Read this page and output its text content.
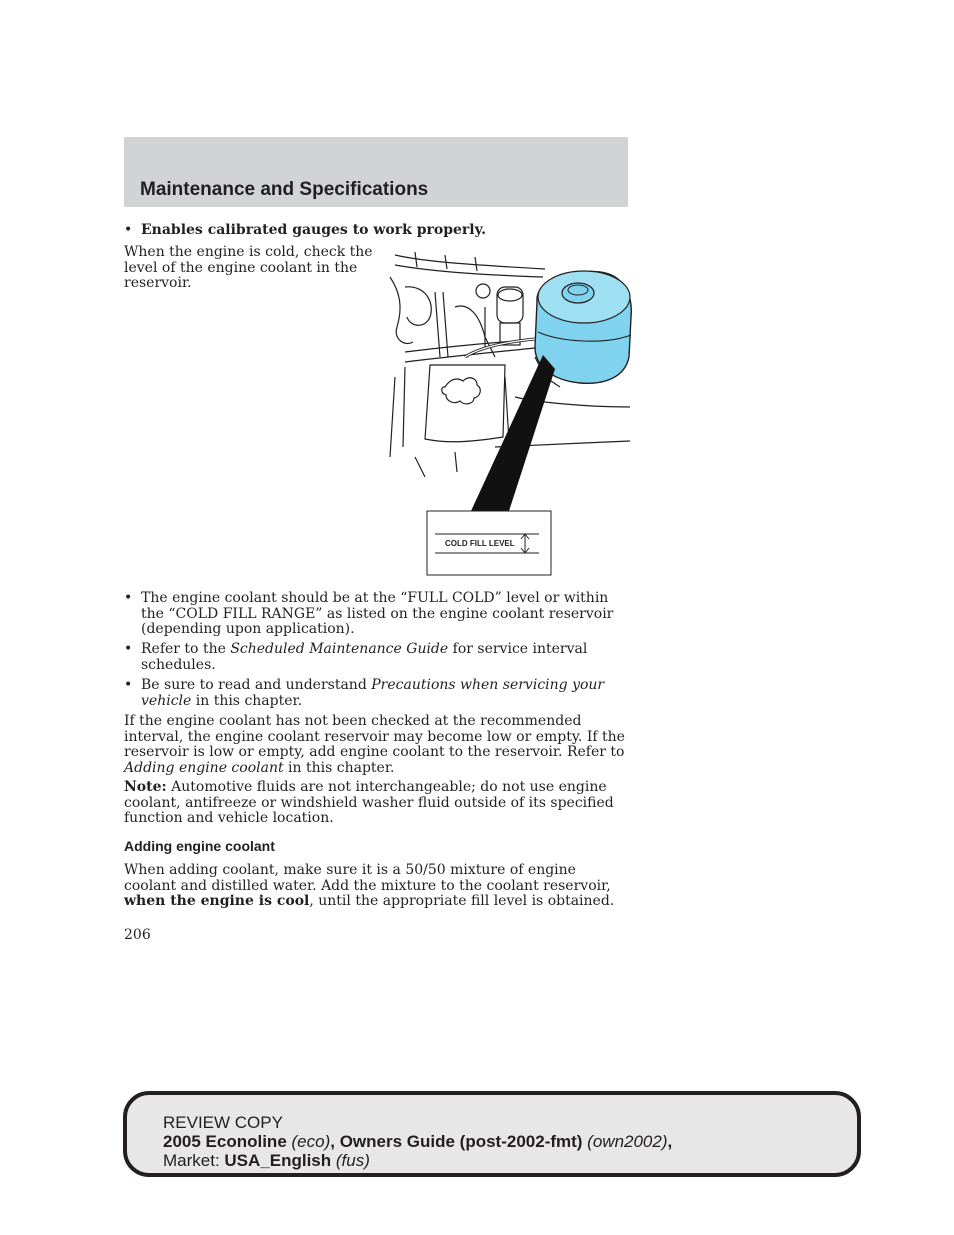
Maintenance and Specifications
• Enables calibrated gauges to work properly.

When the engine is cold, check the level of the engine coolant in the reservoir.

COLD FILL LEVEL
• The engine coolant should be at the “FULL COLD” level or within the “COLD FILL RANGE” as listed on the engine coolant reservoir (depending upon application).
• Refer to the Scheduled Maintenance Guide for service interval schedules.
• Be sure to read and understand Precautions when servicing your vehicle in this chapter.

If the engine coolant has not been checked at the recommended interval, the engine coolant reservoir may become low or empty. If the reservoir is low or empty, add engine coolant to the reservoir. Refer to Adding engine coolant in this chapter.

Note: Automotive fluids are not interchangeable; do not use engine coolant, antifreeze or windshield washer fluid outside of its specified function and vehicle location.

Adding engine coolant

When adding coolant, make sure it is a 50/50 mixture of engine coolant and distilled water. Add the mixture to the coolant reservoir, when the engine is cool, until the appropriate fill level is obtained.

206
REVIEW COPY
2005 Econoline (eco), Owners Guide (post-2002-fmt) (own2002),
Market: USA_English (fus)
